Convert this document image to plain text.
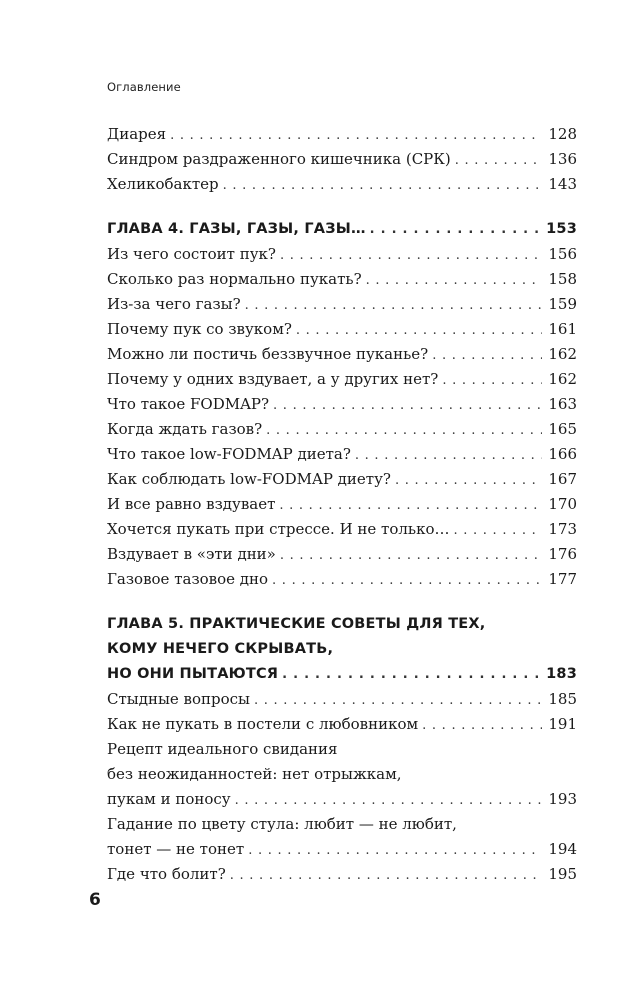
Оглавление
Диарея . . .	128
Синдром раздраженного кишечника (СРК) . . .	136
Хеликобактер . . .	143
ГЛАВА 4. ГАЗЫ, ГАЗЫ, ГАЗЫ… . . .	153
Из чего состоит пук? . . .	156
Сколько раз нормально пукать? . . .	158
Из-за чего газы? . . .	159
Почему пук со звуком? . . .	161
Можно ли постичь беззвучное пуканье? . . .	162
Почему у одних вздувает, а у других нет? . . .	162
Что такое FODMAP? . . .	163
Когда ждать газов? . . .	165
Что такое low-FODMAP диета? . . .	166
Как соблюдать low-FODMAP диету? . . .	167
И все равно вздувает . . .	170
Хочется пукать при стрессе. И не только… . . .	173
Вздувает в «эти дни» . . .	176
Газовое тазовое дно . . .	177
ГЛАВА 5. ПРАКТИЧЕСКИЕ СОВЕТЫ ДЛЯ ТЕХ,
КОМУ НЕЧЕГО СКРЫВАТЬ,
НО ОНИ ПЫТАЮТСЯ . . .	183
Стыдные вопросы . . .	185
Как не пукать в постели с любовником . . .	191
Рецепт идеального свидания
без неожиданностей: нет отрыжкам,
пукам и поносу . . .	193
Гадание по цвету стула: любит — не любит,
тонет — не тонет . . .	194
Где что болит? . . .	195
6
